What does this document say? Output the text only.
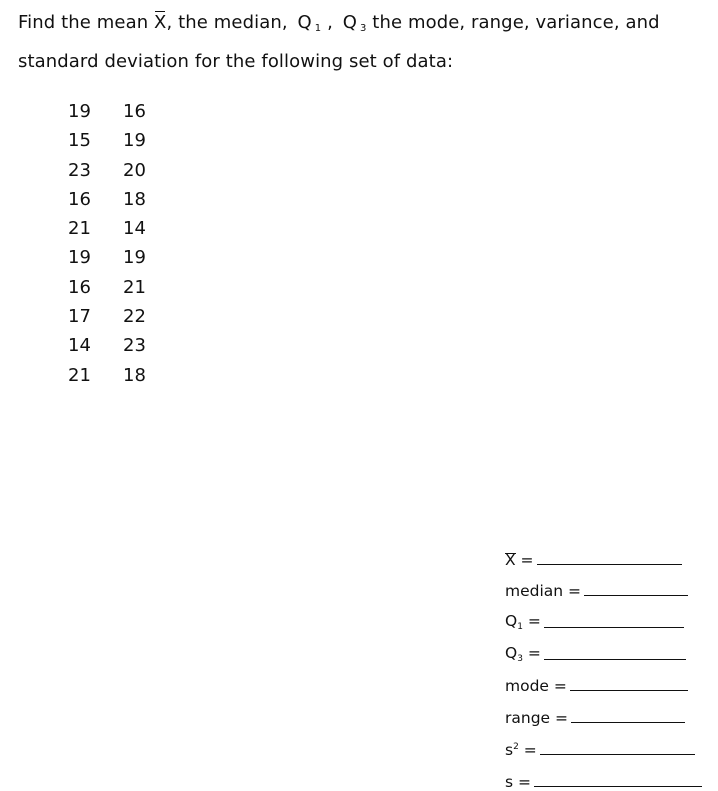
Find the mean X, the median, Q $_1$ , Q $_3$ the mode, range, variance, and standard deviation for the following set of data:
19	16
15	19
23	20
16	18
21	14
19	19
16	21
17	22
14	23
21	18
X =
median =
Q1 =
Q3 =
mode =
range =
$s^2$ =
s =
